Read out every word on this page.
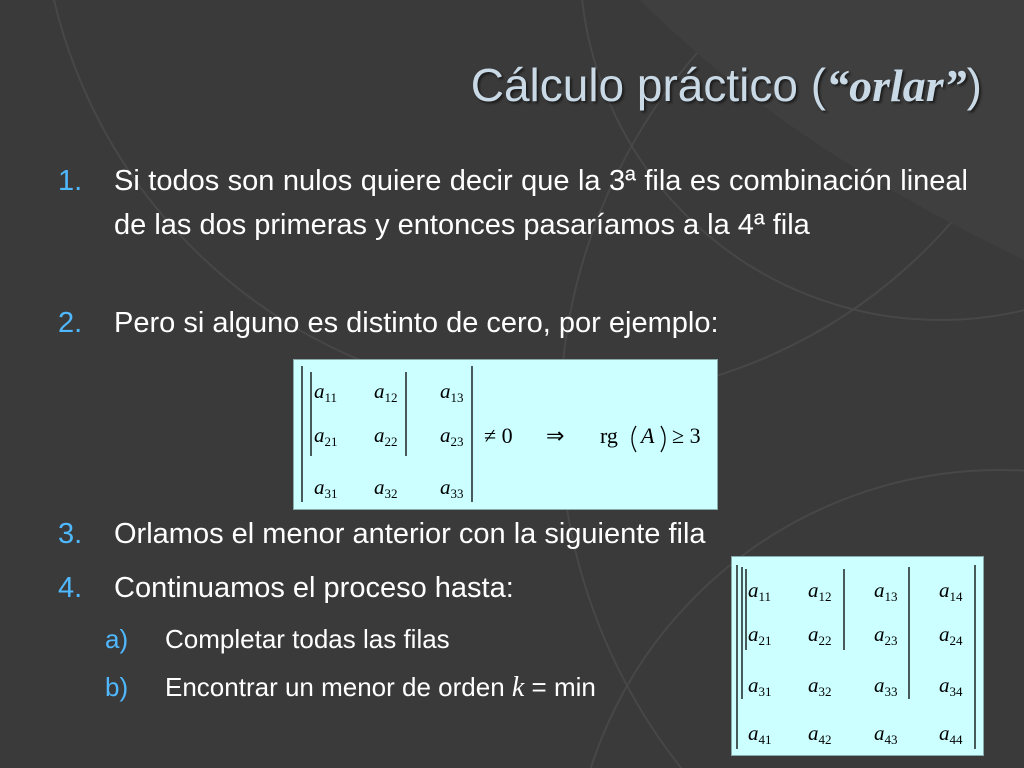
Cálculo práctico (“orlar”)
1. Si todos son nulos quiere decir que la 3ª fila es combinación lineal de las dos primeras y entonces pasaríamos a la 4ª fila
2. Pero si alguno es distinto de cero, por ejemplo:
3. Orlamos el menor anterior con la siguiente fila
4. Continuamos el proceso hasta:
a) Completar todas las filas
b) Encontrar un menor de orden k = min
$a_{11}$ $a_{12}$ $a_{13}$
$a_{21}$ $a_{22}$ $a_{23}$
$a_{31}$ $a_{32}$ $a_{33}$
≠ 0 ⇒ rg A ≥ 3
$a_{11}$ $a_{12}$ $a_{13}$ $a_{14}$
$a_{21}$ $a_{22}$ $a_{23}$ $a_{24}$
$a_{31}$ $a_{32}$ $a_{33}$ $a_{34}$
$a_{41}$ $a_{42}$ $a_{43}$ $a_{44}$
